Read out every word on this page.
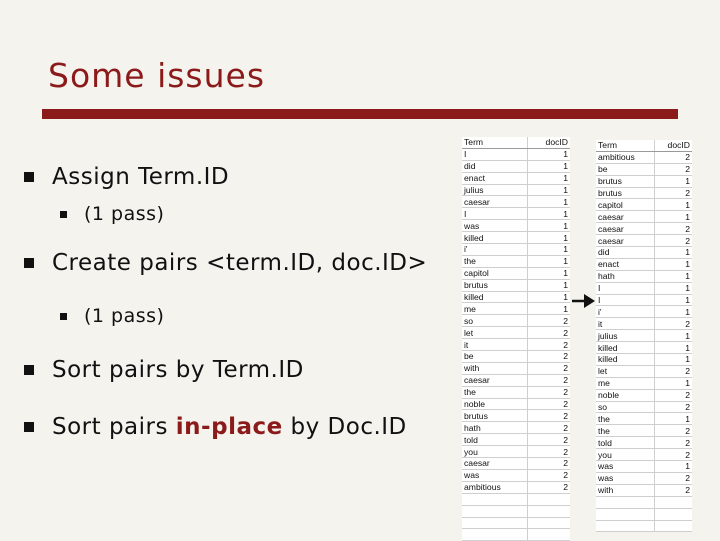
Some issues
Assign Term.ID
(1 pass)
Create pairs <term.ID, doc.ID>
(1 pass)
Sort pairs by Term.ID
Sort pairs in-place by Doc.ID
Term	docID
I	1
did	1
enact	1
julius	1
caesar	1
I	1
was	1
killed	1
i'	1
the	1
capitol	1
brutus	1
killed	1
me	1
so	2
let	2
it	2
be	2
with	2
caesar	2
the	2
noble	2
brutus	2
hath	2
told	2
you	2
caesar	2
was	2
ambitious	2

Term	docID
ambitious	2
be	2
brutus	1
brutus	2
capitol	1
caesar	1
caesar	2
caesar	2
did	1
enact	1
hath	1
I	1
I	1
i'	1
it	2
julius	1
killed	1
killed	1
let	2
me	1
noble	2
so	2
the	1
the	2
told	2
you	2
was	1
was	2
with	2
